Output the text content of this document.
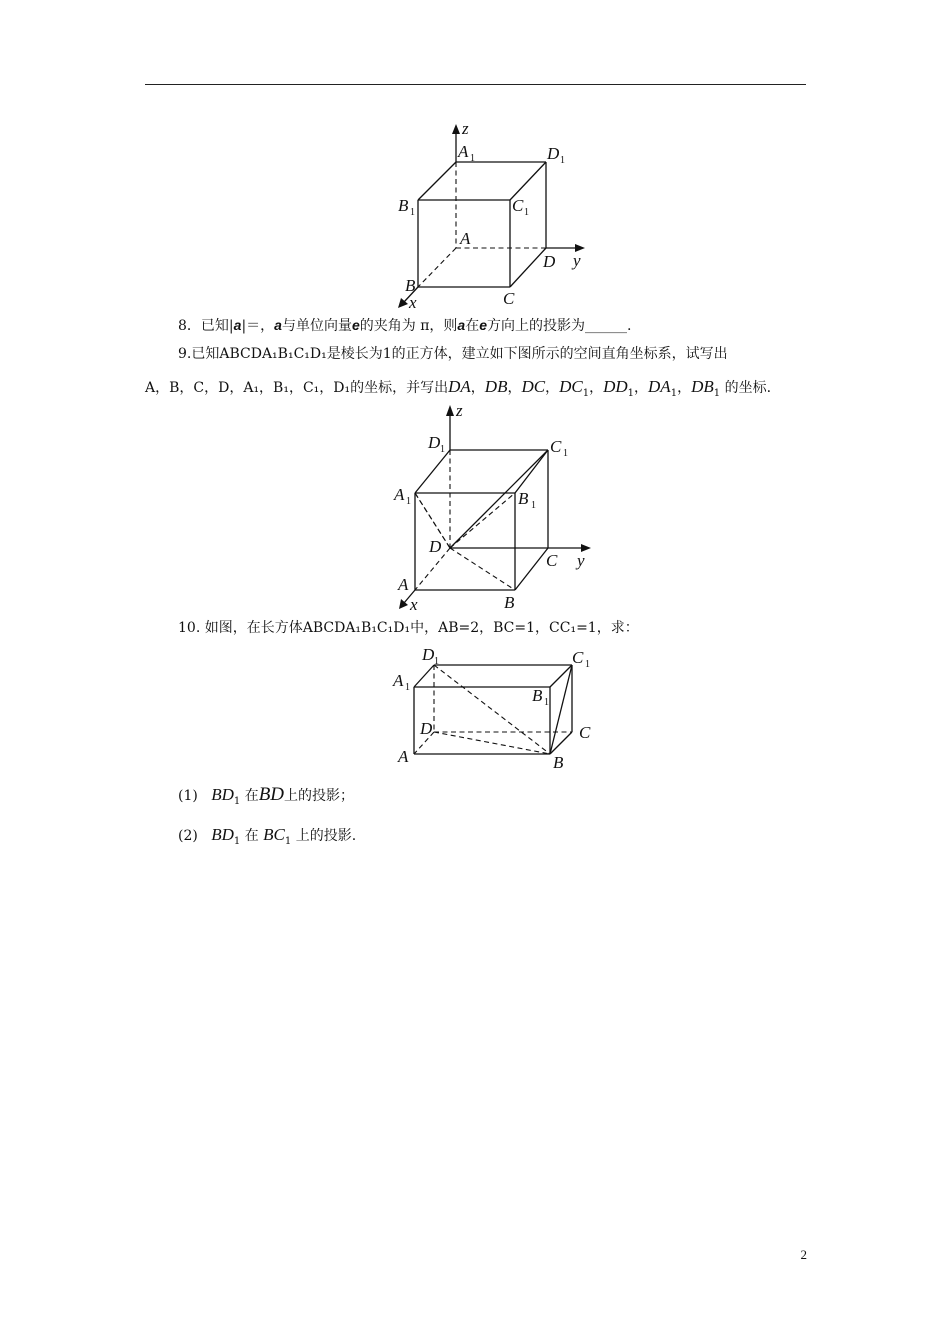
z
y
x
A 1	D 1
B 1	C 1
A
B
C
D
8．已知|a|＝，a与单位向量e的夹角为 π，则a在e方向上的投影为______.
9.已知ABCDA₁B₁C₁D₁是棱长为1的正方体，建立如下图所示的空间直角坐标系，试写出
A，B，C，D，A₁，B₁，C₁，D₁的坐标，并写出DA，DB，DC，$DC_1$，$DD_1$，$DA_1$，$DB_1$ 的坐标.
z
y
x
D 1	C 1
A 1	B 1
D
C
A
B
10. 如图，在长方体ABCDA₁B₁C₁D₁中，AB=2，BC=1，CC₁=1，求：
D 1	C 1
A 1	B 1
D	C
A	B
(1) $BD_1$ 在BD上的投影；
(2) $BD_1$ 在 $BC_1$ 上的投影.
2
